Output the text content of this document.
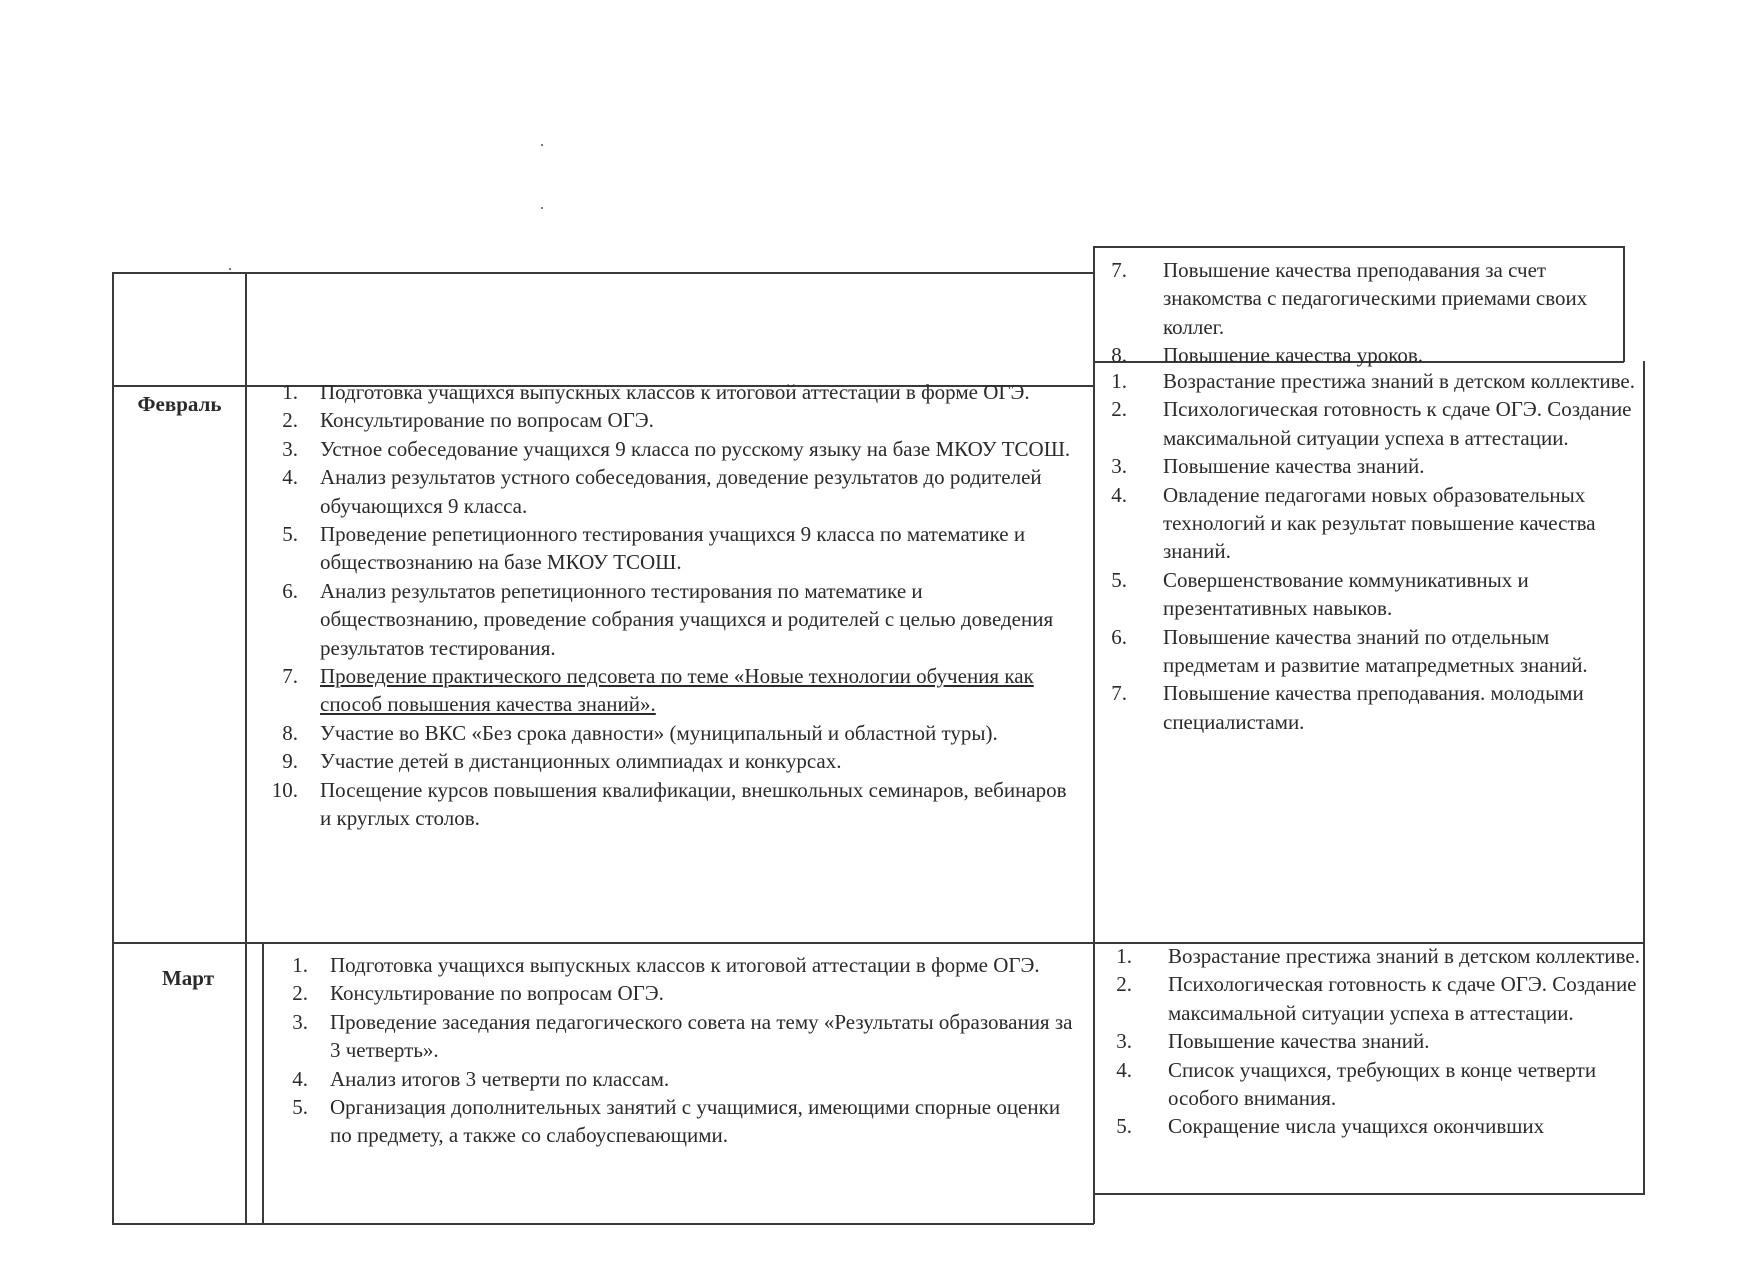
7. Повышение качества преподавания за счет знакомства с педагогическими приемами своих коллег.
8. Повышение качества уроков.
Февраль	1. Подготовка учащихся выпускных классов к итоговой аттестации в форме ОГЭ.
2. Консультирование по вопросам ОГЭ.
3. Устное собеседование учащихся 9 класса по русскому языку на базе МКОУ ТСОШ.
4. Анализ результатов устного собеседования, доведение результатов до родителей обучающихся 9 класса.
5. Проведение репетиционного тестирования учащихся 9 класса по математике и обществознанию на базе МКОУ ТСОШ.
6. Анализ результатов репетиционного тестирования по математике и обществознанию, проведение собрания учащихся и родителей с целью доведения результатов тестирования.
7. Проведение практического педсовета по теме «Новые технологии обучения как способ повышения качества знаний».
8. Участие во ВКС «Без срока давности» (муниципальный и областной туры).
9. Участие детей в дистанционных олимпиадах и конкурсах.
10. Посещение курсов повышения квалификации, внешкольных семинаров, вебинаров и круглых столов.
1. Возрастание престижа знаний в детском коллективе.
2. Психологическая готовность к сдаче ОГЭ. Создание максимальной ситуации успеха в аттестации.
3. Повышение качества знаний.
4. Овладение педагогами новых образовательных технологий и как результат повышение качества знаний.
5. Совершенствование коммуникативных и презентативных навыков.
6. Повышение качества знаний по отдельным предметам и развитие матапредметных знаний.
7. Повышение качества преподавания. молодыми специалистами.
Март
1. Подготовка учащихся выпускных классов к итоговой аттестации в форме ОГЭ.
2. Консультирование по вопросам ОГЭ.
3. Проведение заседания педагогического совета на тему «Результаты образования за 3 четверть».
4. Анализ итогов 3 четверти по классам.
5. Организация дополнительных занятий с учащимися, имеющими спорные оценки по предмету, а также со слабоуспевающими.
1. Возрастание престижа знаний в детском коллективе.
2. Психологическая готовность к сдаче ОГЭ. Создание максимальной ситуации успеха в аттестации.
3. Повышение качества знаний.
4. Список учащихся, требующих в конце четверти особого внимания.
5. Сокращение числа учащихся окончивших
